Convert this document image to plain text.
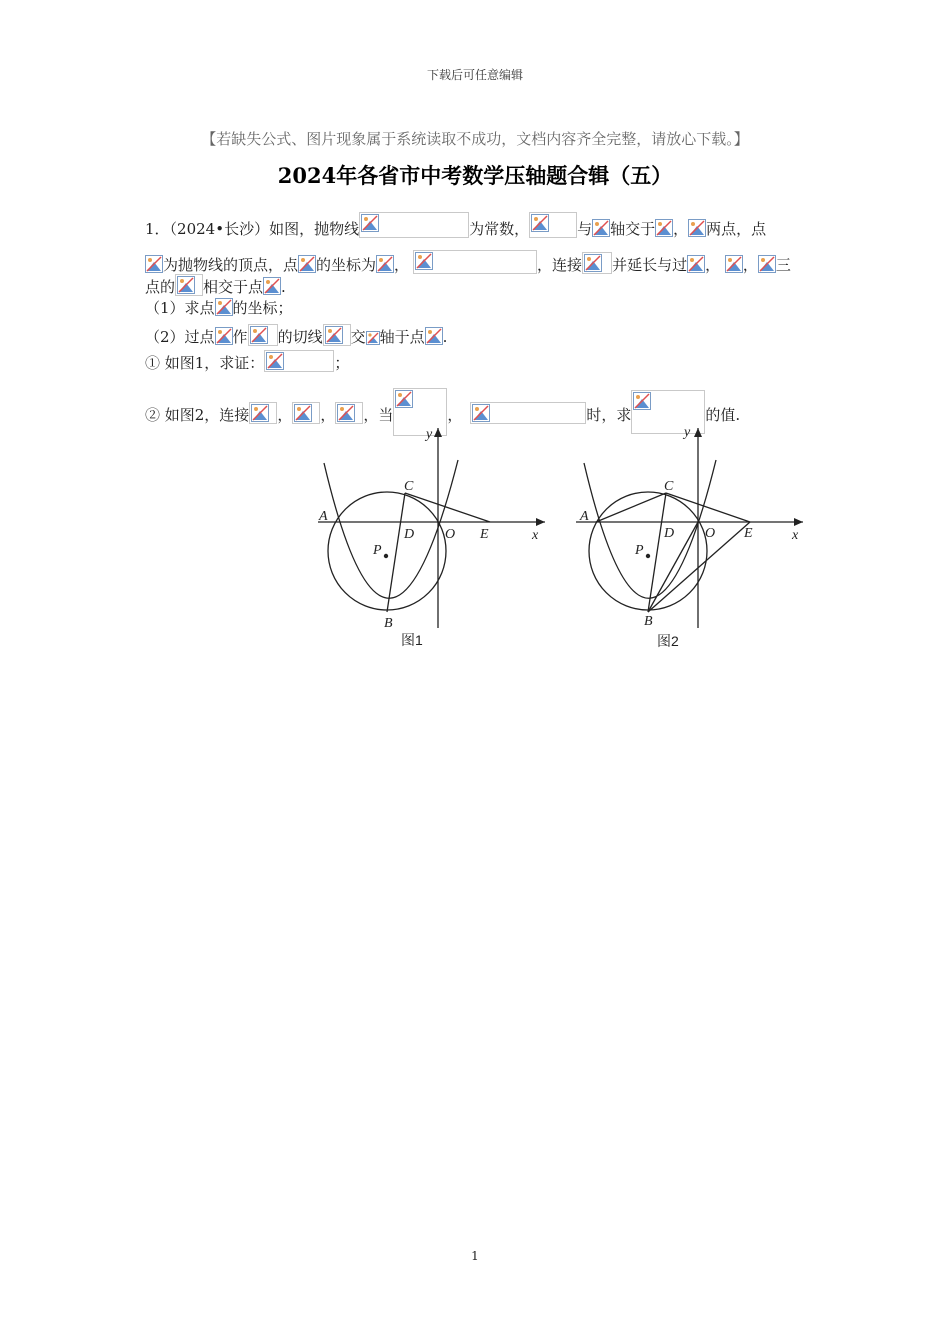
下载后可任意编辑
【若缺失公式、图片现象属于系统读取不成功，文档内容齐全完整，请放心下载。】
2024年各省市中考数学压轴题合辑（五）
1．（2024•长沙）如图，抛物线	为常数，	与 轴交于 ， 两点，点
为抛物线的顶点，点 的坐标为 ，	，连接 并延长与过 ， ， 三
点的 相交于点 .
（1）求点 的坐标；
（2）过点 作 的切线 交 轴于点 .
① 如图1，求证：	；
② 如图2，连接 ， ， ，当	，	时，求	的值.
y
x
A
C
D O E
P
B
图1
y
x
A
C
D O E
P
B
图2
1
